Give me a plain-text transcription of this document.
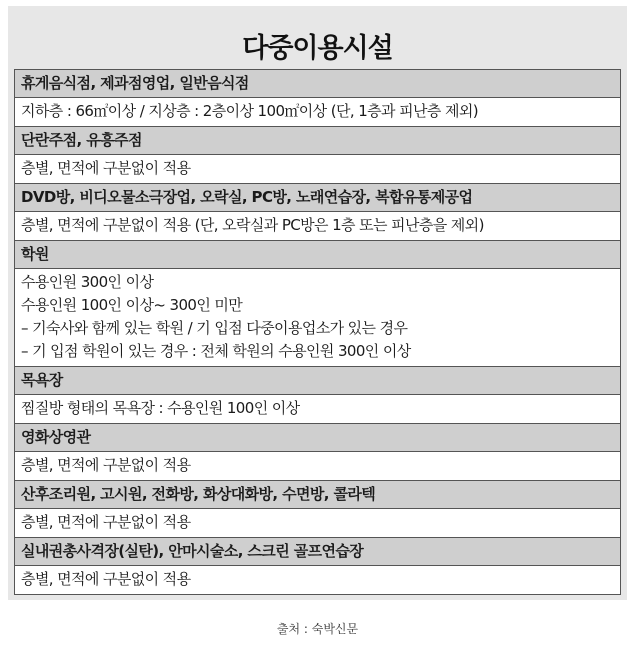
다중이용시설
휴게음식점, 제과점영업, 일반음식점
지하층 : 66㎡이상 / 지상층 : 2층이상 100㎡이상 (단, 1층과 피난층 제외)
단란주점, 유흥주점
층별, 면적에 구분없이 적용
DVD방, 비디오물소극장업, 오락실, PC방, 노래연습장, 복합유통제공업
층별, 면적에 구분없이 적용 (단, 오락실과 PC방은 1층 또는 피난층을 제외)
학원
수용인원 300인 이상
수용인원 100인 이상~ 300인 미만
– 기숙사와 함께 있는 학원 / 기 입점 다중이용업소가 있는 경우
– 기 입점 학원이 있는 경우 : 전체 학원의 수용인원 300인 이상
목욕장
찜질방 형태의 목욕장 : 수용인원 100인 이상
영화상영관
층별, 면적에 구분없이 적용
산후조리원, 고시원, 전화방, 화상대화방, 수면방, 콜라텍
층별, 면적에 구분없이 적용
실내권총사격장(실탄), 안마시술소, 스크린 골프연습장
층별, 면적에 구분없이 적용
출처 : 숙박신문
